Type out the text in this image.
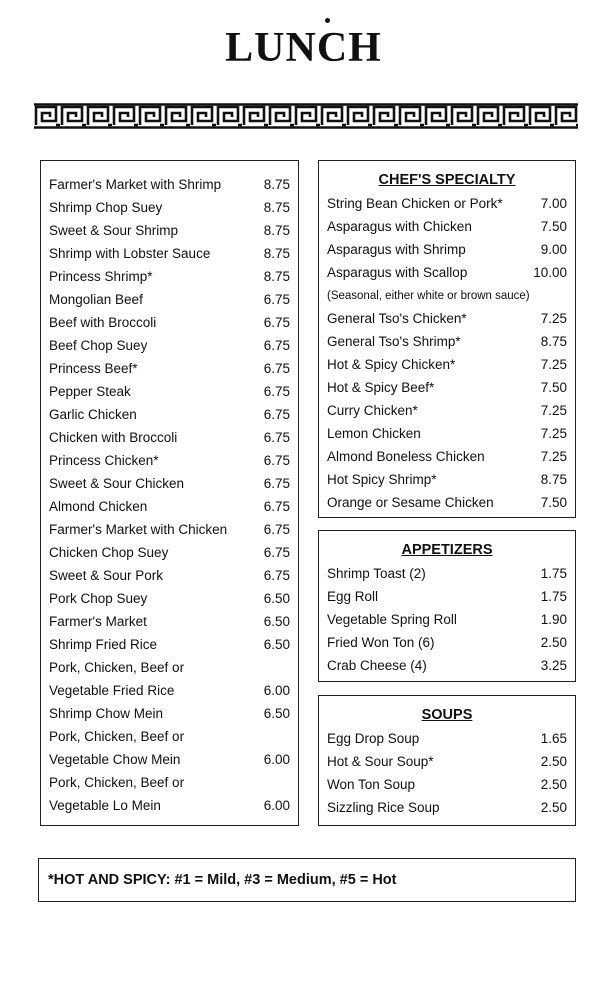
LUNCH
Farmer's Market with Shrimp	8.75
Shrimp Chop Suey	8.75
Sweet & Sour Shrimp	8.75
Shrimp with Lobster Sauce	8.75
Princess Shrimp*	8.75
Mongolian Beef	6.75
Beef with Broccoli	6.75
Beef Chop Suey	6.75
Princess Beef*	6.75
Pepper Steak	6.75
Garlic Chicken	6.75
Chicken with Broccoli	6.75
Princess Chicken*	6.75
Sweet & Sour Chicken	6.75
Almond Chicken	6.75
Farmer's Market with Chicken	6.75
Chicken Chop Suey	6.75
Sweet & Sour Pork	6.75
Pork Chop Suey	6.50
Farmer's Market	6.50
Shrimp Fried Rice	6.50
Pork, Chicken, Beef or
Vegetable Fried Rice	6.00
Shrimp Chow Mein	6.50
Pork, Chicken, Beef or
Vegetable Chow Mein	6.00
Pork, Chicken, Beef or
Vegetable Lo Mein	6.00
CHEF'S SPECIALTY
String Bean Chicken or Pork*	7.00
Asparagus with Chicken	7.50
Asparagus with Shrimp	9.00
Asparagus with Scallop	10.00
(Seasonal, either white or brown sauce)
General Tso's Chicken*	7.25
General Tso's Shrimp*	8.75
Hot & Spicy Chicken*	7.25
Hot & Spicy Beef*	7.50
Curry Chicken*	7.25
Lemon Chicken	7.25
Almond Boneless Chicken	7.25
Hot Spicy Shrimp*	8.75
Orange or Sesame Chicken	7.50
APPETIZERS
Shrimp Toast (2)	1.75
Egg Roll	1.75
Vegetable Spring Roll	1.90
Fried Won Ton (6)	2.50
Crab Cheese (4)	3.25
SOUPS
Egg Drop Soup	1.65
Hot & Sour Soup*	2.50
Won Ton Soup	2.50
Sizzling Rice Soup	2.50
*HOT AND SPICY: #1 = Mild, #3 = Medium, #5 = Hot
